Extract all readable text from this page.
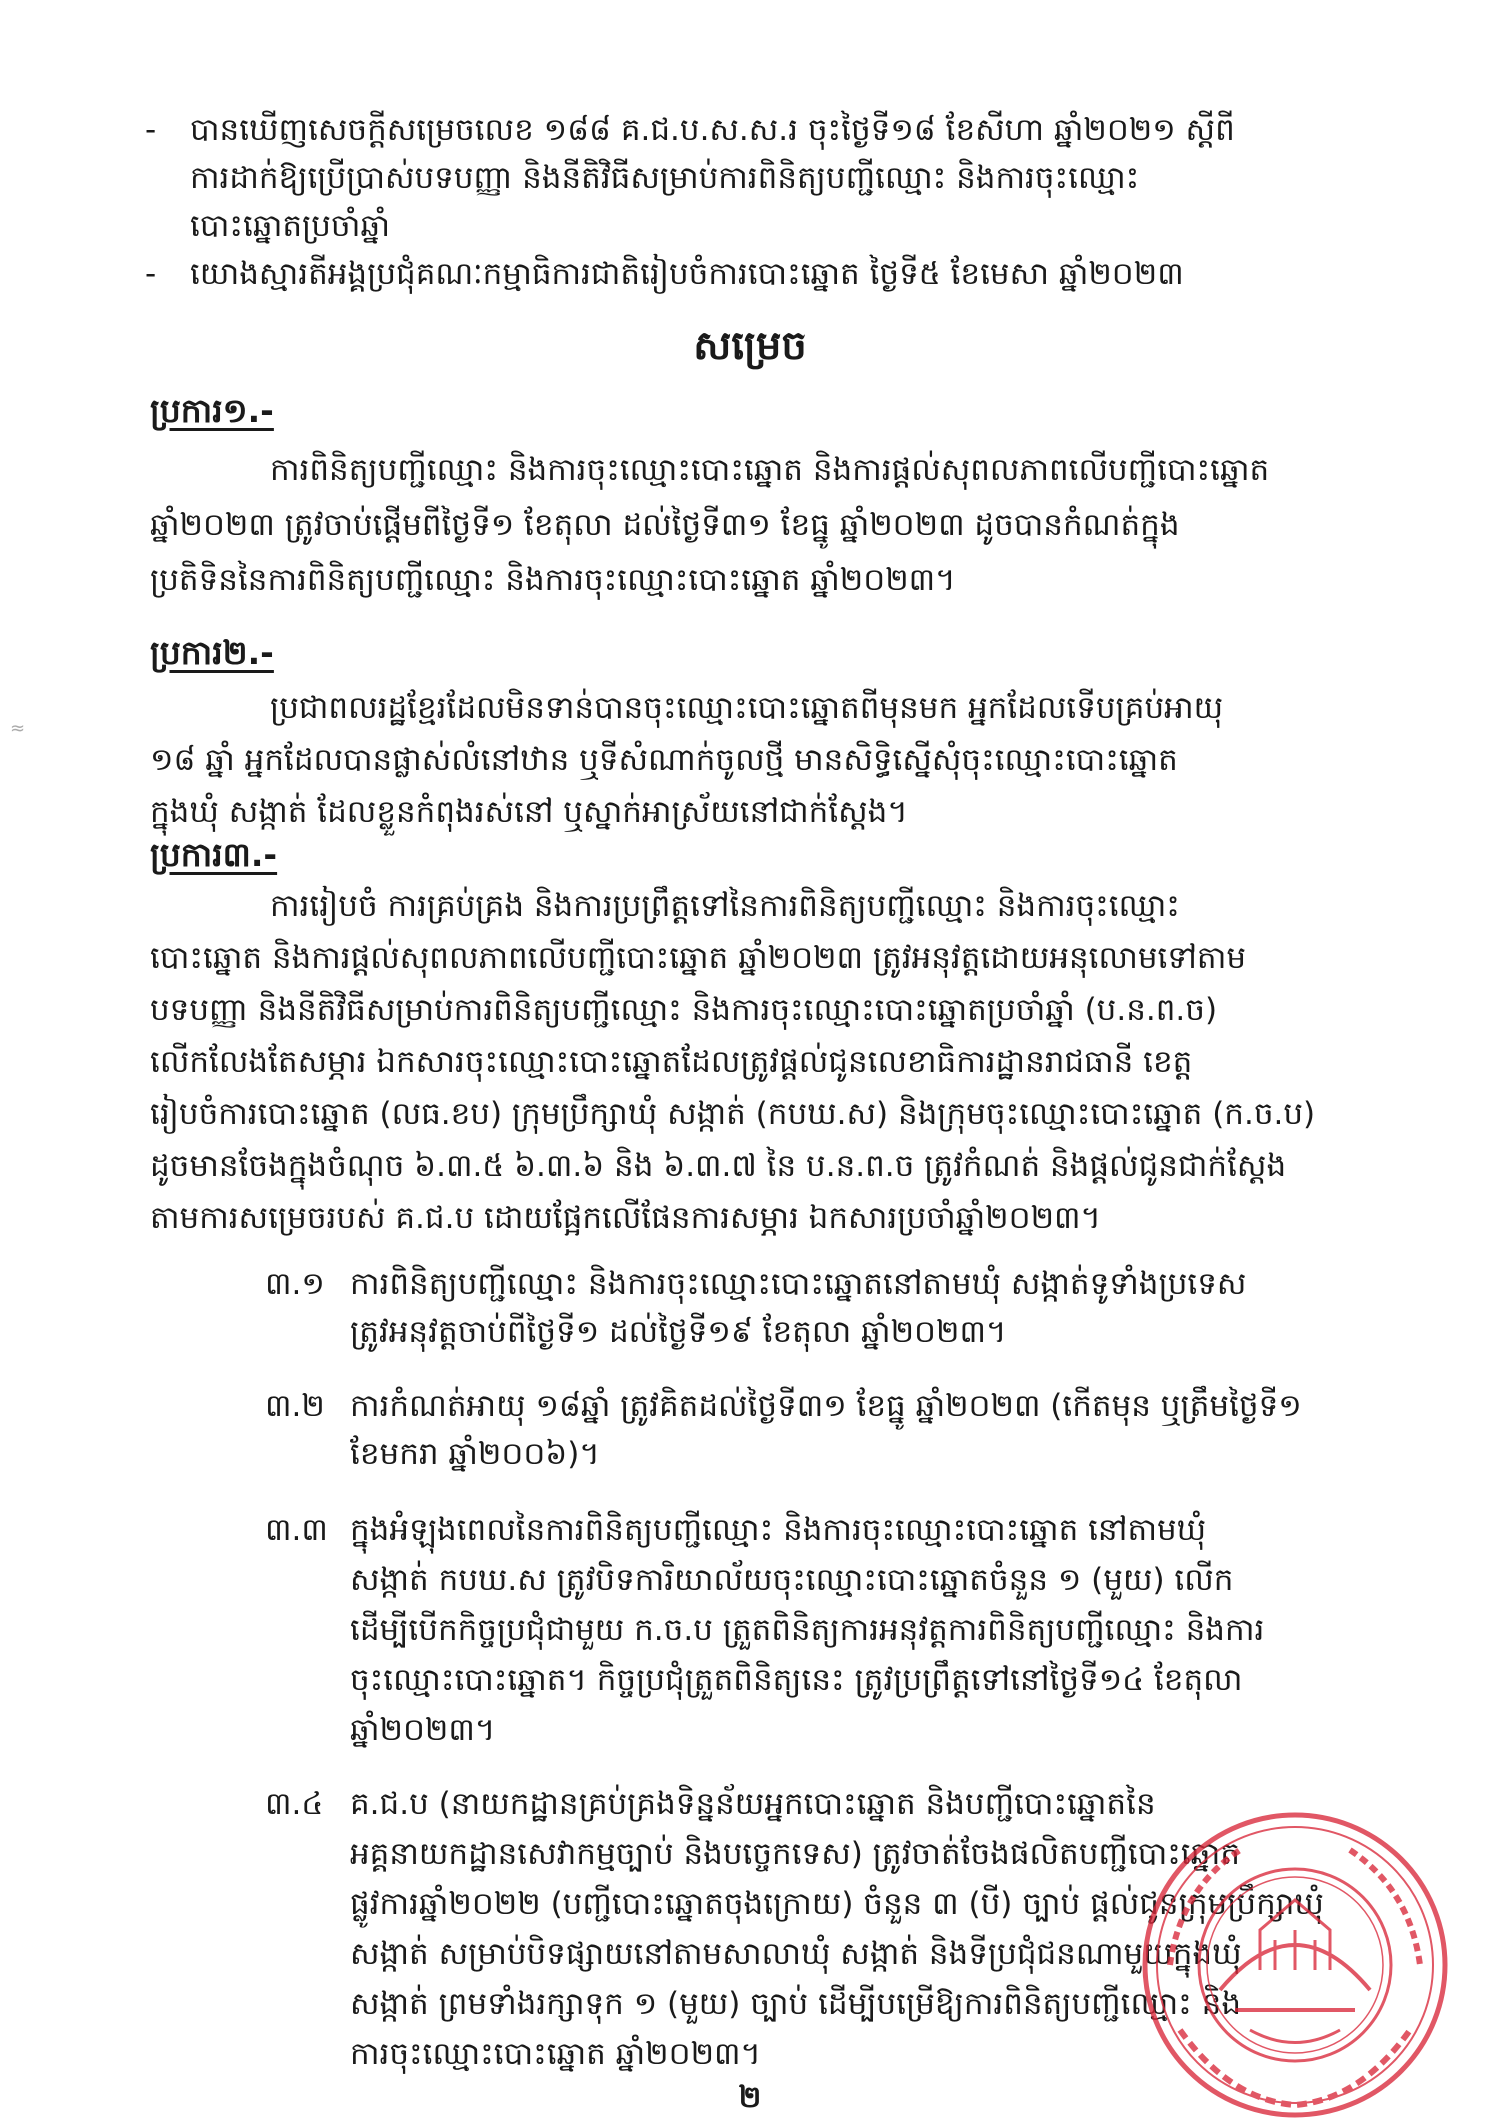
- បានឃើញសេចក្តីសម្រេចលេខ ១៨៨ គ.ជ.ប.ស.ស.រ ចុះថ្ងៃទី១៨ ខែសីហា ឆ្នាំ២០២១ ស្តីពី
ការដាក់ឱ្យប្រើប្រាស់បទបញ្ញា និងនីតិវិធីសម្រាប់ការពិនិត្យបញ្ជីឈ្មោះ និងការចុះឈ្មោះ
បោះឆ្នោតប្រចាំឆ្នាំ
- យោងស្មារតីអង្គប្រជុំគណៈកម្មាធិការជាតិរៀបចំការបោះឆ្នោត ថ្ងៃទី៥ ខែមេសា ឆ្នាំ២០២៣
សម្រេច
ប្រការ១.-
ការពិនិត្យបញ្ជីឈ្មោះ និងការចុះឈ្មោះបោះឆ្នោត និងការផ្តល់សុពលភាពលើបញ្ជីបោះឆ្នោត
ឆ្នាំ២០២៣ ត្រូវចាប់ផ្តើមពីថ្ងៃទី១ ខែតុលា ដល់ថ្ងៃទី៣១ ខែធ្នូ ឆ្នាំ២០២៣ ដូចបានកំណត់ក្នុង
ប្រតិទិននៃការពិនិត្យបញ្ជីឈ្មោះ និងការចុះឈ្មោះបោះឆ្នោត ឆ្នាំ២០២៣។
ប្រការ២.-
ប្រជាពលរដ្ឋខ្មែរដែលមិនទាន់បានចុះឈ្មោះបោះឆ្នោតពីមុនមក អ្នកដែលទើបគ្រប់អាយុ
១៨ ឆ្នាំ អ្នកដែលបានផ្លាស់លំនៅឋាន ឬទីសំណាក់ចូលថ្មី មានសិទ្ធិស្នើសុំចុះឈ្មោះបោះឆ្នោត
ក្នុងឃុំ សង្កាត់ ដែលខ្លួនកំពុងរស់នៅ ឬស្នាក់អាស្រ័យនៅជាក់ស្តែង។
≈
ប្រការ៣.-
ការរៀបចំ ការគ្រប់គ្រង និងការប្រព្រឹត្តទៅនៃការពិនិត្យបញ្ជីឈ្មោះ និងការចុះឈ្មោះ
បោះឆ្នោត និងការផ្តល់សុពលភាពលើបញ្ជីបោះឆ្នោត ឆ្នាំ២០២៣ ត្រូវអនុវត្តដោយអនុលោមទៅតាម
បទបញ្ញា និងនីតិវិធីសម្រាប់ការពិនិត្យបញ្ជីឈ្មោះ និងការចុះឈ្មោះបោះឆ្នោតប្រចាំឆ្នាំ (ប.ន.ព.ច)
លើកលែងតែសម្ភារ ឯកសារចុះឈ្មោះបោះឆ្នោតដែលត្រូវផ្តល់ជូនលេខាធិការដ្ឋានរាជធានី ខេត្ត
រៀបចំការបោះឆ្នោត (លធ.ខប) ក្រុមប្រឹក្សាឃុំ សង្កាត់ (កបឃ.ស) និងក្រុមចុះឈ្មោះបោះឆ្នោត (ក.ច.ប)
ដូចមានចែងក្នុងចំណុច ៦.៣.៥ ៦.៣.៦ និង ៦.៣.៧ នៃ ប.ន.ព.ច ត្រូវកំណត់ និងផ្តល់ជូនជាក់ស្តែង
តាមការសម្រេចរបស់ គ.ជ.ប ដោយផ្អែកលើផែនការសម្ភារ ឯកសារប្រចាំឆ្នាំ២០២៣។
៣.១ ការពិនិត្យបញ្ជីឈ្មោះ និងការចុះឈ្មោះបោះឆ្នោតនៅតាមឃុំ សង្កាត់ទូទាំងប្រទេស
ត្រូវអនុវត្តចាប់ពីថ្ងៃទី១ ដល់ថ្ងៃទី១៩ ខែតុលា ឆ្នាំ២០២៣។
៣.២ ការកំណត់អាយុ ១៨ឆ្នាំ ត្រូវគិតដល់ថ្ងៃទី៣១ ខែធ្នូ ឆ្នាំ២០២៣ (កើតមុន ឬត្រឹមថ្ងៃទី១
ខែមករា ឆ្នាំ២០០៦)។
៣.៣ ក្នុងអំឡុងពេលនៃការពិនិត្យបញ្ជីឈ្មោះ និងការចុះឈ្មោះបោះឆ្នោត នៅតាមឃុំ
សង្កាត់ កបឃ.ស ត្រូវបិទការិយាល័យចុះឈ្មោះបោះឆ្នោតចំនួន ១ (មួយ) លើក
ដើម្បីបើកកិច្ចប្រជុំជាមួយ ក.ច.ប ត្រួតពិនិត្យការអនុវត្តការពិនិត្យបញ្ជីឈ្មោះ និងការ
ចុះឈ្មោះបោះឆ្នោត។ កិច្ចប្រជុំត្រួតពិនិត្យនេះ ត្រូវប្រព្រឹត្តទៅនៅថ្ងៃទី១៤ ខែតុលា
ឆ្នាំ២០២៣។
៣.៤ គ.ជ.ប (នាយកដ្ឋានគ្រប់គ្រងទិន្នន័យអ្នកបោះឆ្នោត និងបញ្ជីបោះឆ្នោតនៃ
អគ្គនាយកដ្ឋានសេវាកម្មច្បាប់ និងបច្ចេកទេស) ត្រូវចាត់ចែងផលិតបញ្ជីបោះឆ្នោត
ផ្លូវការឆ្នាំ២០២២ (បញ្ជីបោះឆ្នោតចុងក្រោយ) ចំនួន ៣ (បី) ច្បាប់ ផ្តល់ជូនក្រុមប្រឹក្សាឃុំ
សង្កាត់ សម្រាប់បិទផ្សាយនៅតាមសាលាឃុំ សង្កាត់ និងទីប្រជុំជនណាមួយក្នុងឃុំ
សង្កាត់ ព្រមទាំងរក្សាទុក ១ (មួយ) ច្បាប់ ដើម្បីបម្រើឱ្យការពិនិត្យបញ្ជីឈ្មោះ និង
ការចុះឈ្មោះបោះឆ្នោត ឆ្នាំ២០២៣។
២
